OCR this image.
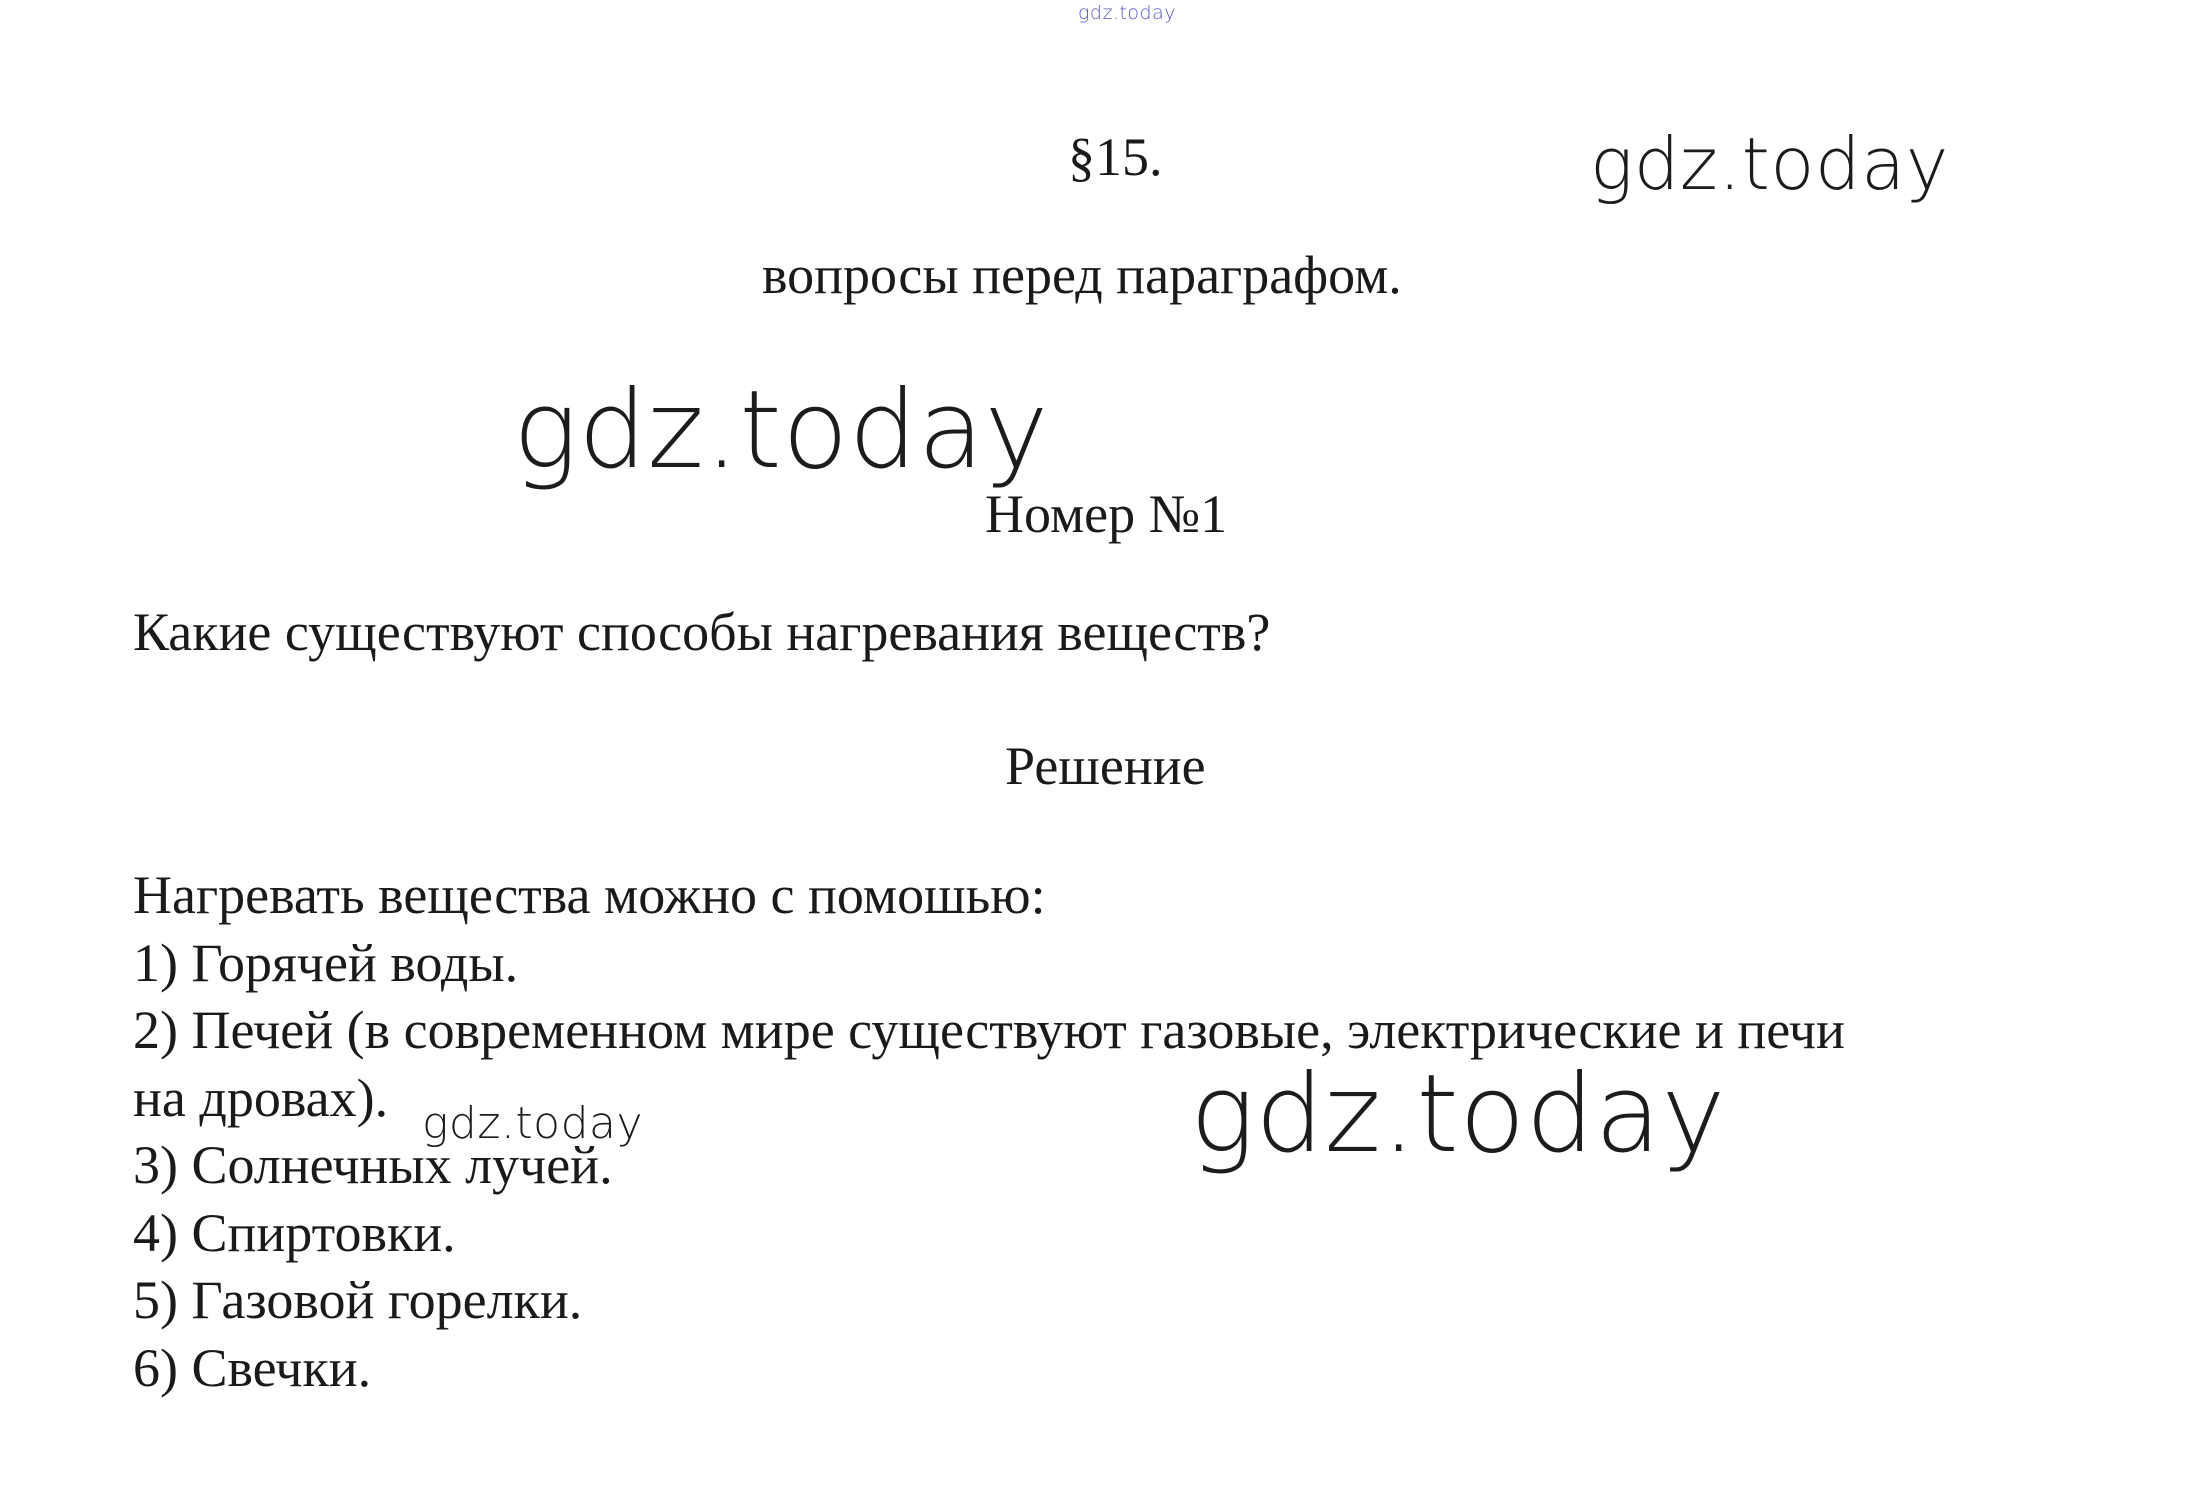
gdz.today
§15.	gdz.today
вопросы перед параграфом.
gdz.today
Номер №1
Какие существуют способы нагревания веществ?
Решение
Нагревать вещества можно с помошью:
1) Горячей воды.
2) Печей (в современном мире существуют газовые, электрические и печи
на дровах).
3) Солнечных лучей.
4) Спиртовки.
5) Газовой горелки.
6) Свечки.
gdz.today	gdz.today
